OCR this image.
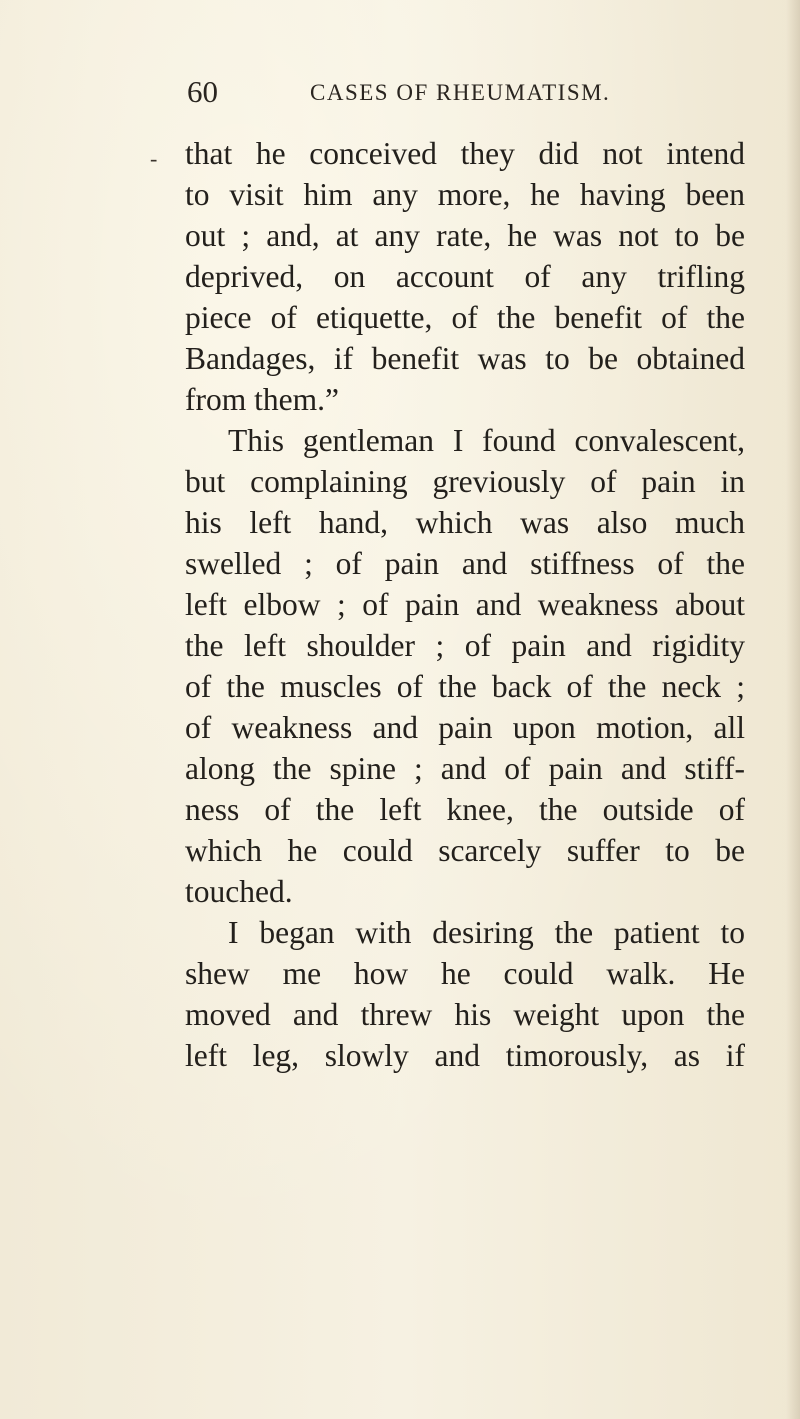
60	CASES OF RHEUMATISM.
- that he conceived they did not intend
to visit him any more, he having been
out ; and, at any rate, he was not to be
deprived, on account of any trifling
piece of etiquette, of the benefit of the
Bandages, if benefit was to be obtained
from them.”
This gentleman I found convalescent,
but complaining greviously of pain in
his left hand, which was also much
swelled ; of pain and stiffness of the
left elbow ; of pain and weakness about
the left shoulder ; of pain and rigidity
of the muscles of the back of the neck ;
of weakness and pain upon motion, all
along the spine ; and of pain and stiff-
ness of the left knee, the outside of
which he could scarcely suffer to be
touched.
I began with desiring the patient to
shew me how he could walk. He
moved and threw his weight upon the
left leg, slowly and timorously, as if
